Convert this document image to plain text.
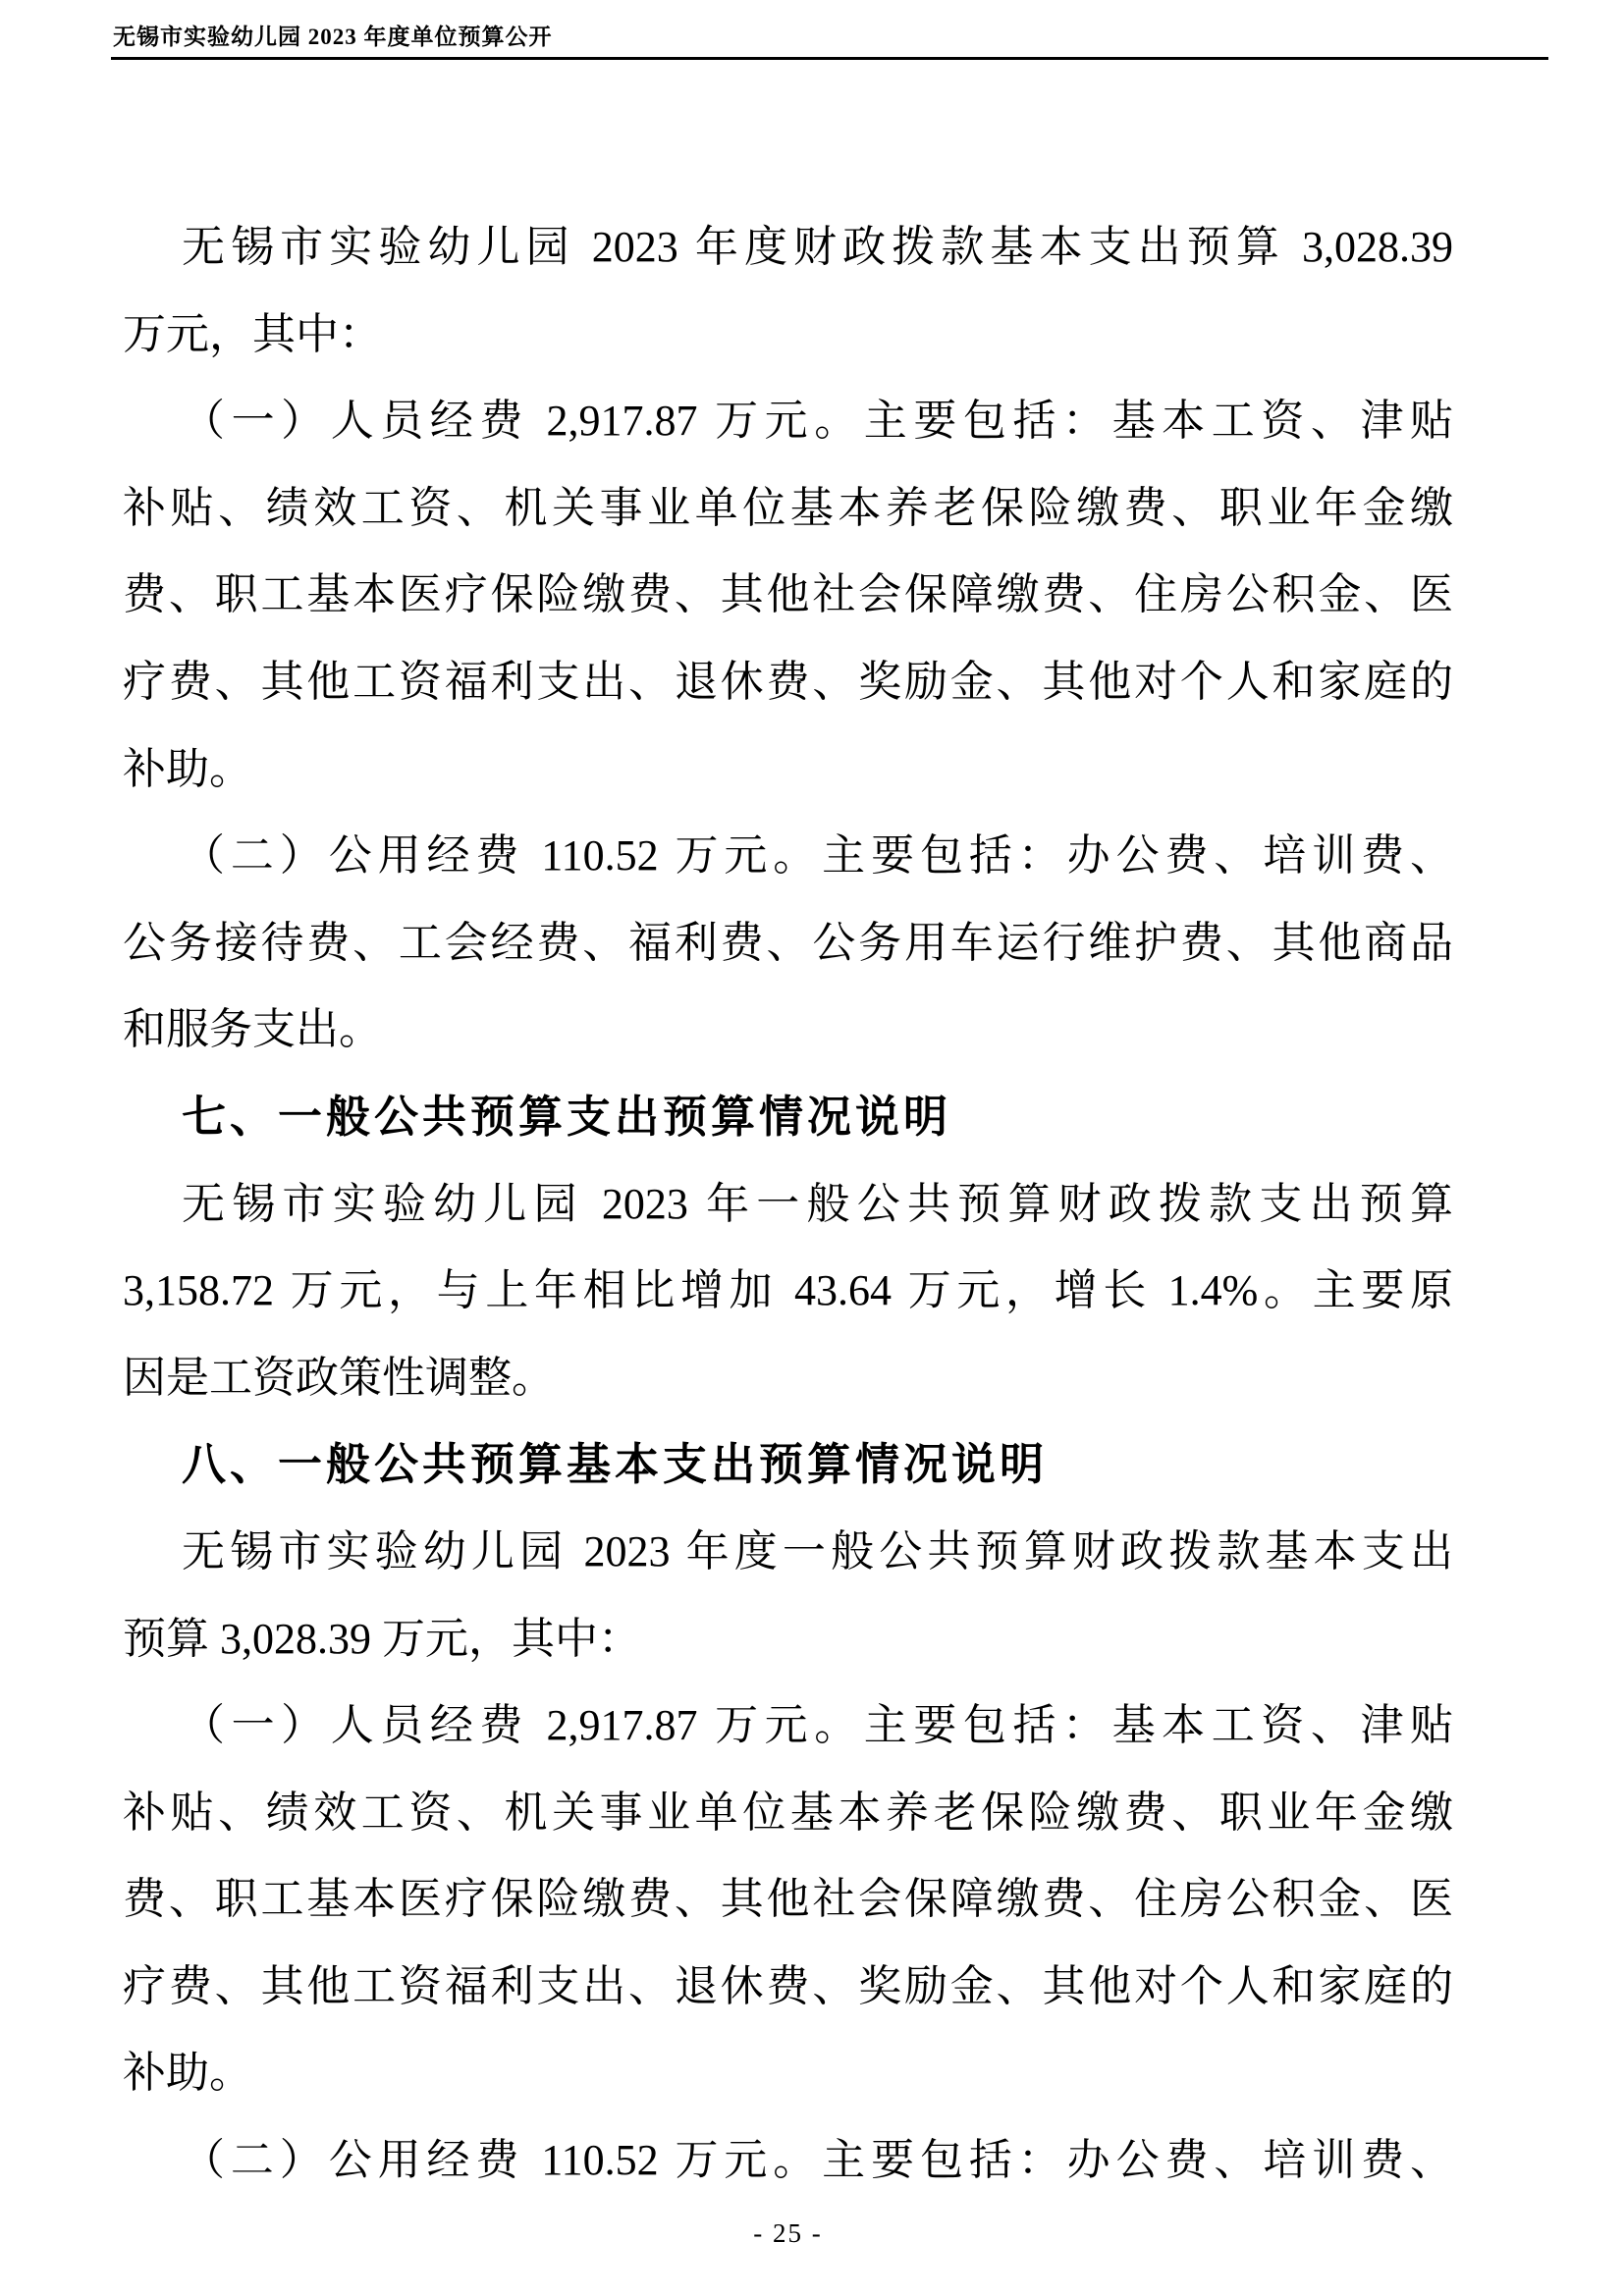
无锡市实验幼儿园 2023 年度单位预算公开
无锡市实验幼儿园 2023 年度财政拨款基本支出预算 3,028.39
万元，其中：
（一）人员经费 2,917.87 万元。主要包括：基本工资、津贴
补贴、绩效工资、机关事业单位基本养老保险缴费、职业年金缴
费、职工基本医疗保险缴费、其他社会保障缴费、住房公积金、医
疗费、其他工资福利支出、退休费、奖励金、其他对个人和家庭的
补助。
（二）公用经费 110.52 万元。主要包括：办公费、培训费、
公务接待费、工会经费、福利费、公务用车运行维护费、其他商品
和服务支出。
七、一般公共预算支出预算情况说明
无锡市实验幼儿园 2023 年一般公共预算财政拨款支出预算
3,158.72 万元，与上年相比增加 43.64 万元，增长 1.4%。主要原
因是工资政策性调整。
八、一般公共预算基本支出预算情况说明
无锡市实验幼儿园 2023 年度一般公共预算财政拨款基本支出
预算 3,028.39 万元，其中：
（一）人员经费 2,917.87 万元。主要包括：基本工资、津贴
补贴、绩效工资、机关事业单位基本养老保险缴费、职业年金缴
费、职工基本医疗保险缴费、其他社会保障缴费、住房公积金、医
疗费、其他工资福利支出、退休费、奖励金、其他对个人和家庭的
补助。
（二）公用经费 110.52 万元。主要包括：办公费、培训费、
- 25 -
